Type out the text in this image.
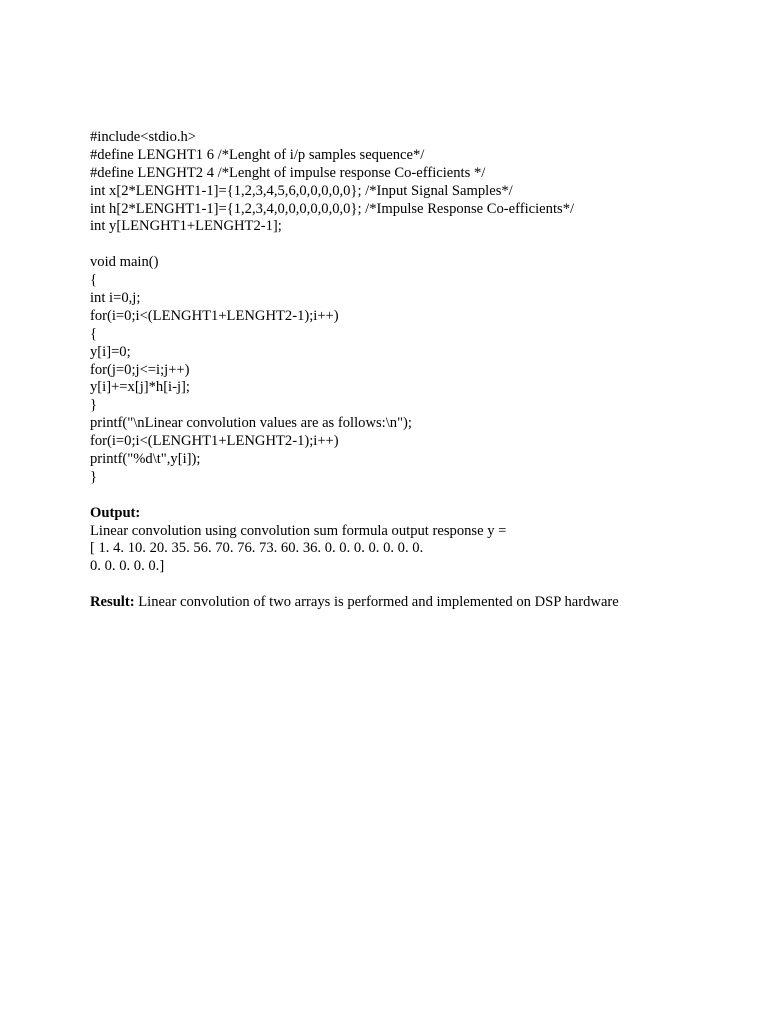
#include<stdio.h>
#define LENGHT1 6 /*Lenght of i/p samples sequence*/
#define LENGHT2 4 /*Lenght of impulse response Co-efficients */
int x[2*LENGHT1-1]={1,2,3,4,5,6,0,0,0,0,0}; /*Input Signal Samples*/
int h[2*LENGHT1-1]={1,2,3,4,0,0,0,0,0,0,0}; /*Impulse Response Co-efficients*/
int y[LENGHT1+LENGHT2-1];
void main()
{
int i=0,j;
for(i=0;i<(LENGHT1+LENGHT2-1);i++)
{
y[i]=0;
for(j=0;j<=i;j++)
y[i]+=x[j]*h[i-j];
}
printf("\nLinear convolution values are as follows:\n");
for(i=0;i<(LENGHT1+LENGHT2-1);i++)
printf("%d\t",y[i]);
}
Output:
Linear convolution using convolution sum formula output response y =
[ 1. 4. 10. 20. 35. 56. 70. 76. 73. 60. 36. 0. 0. 0. 0. 0. 0. 0.
0. 0. 0. 0. 0.]
Result: Linear convolution of two arrays is performed and implemented on DSP hardware
